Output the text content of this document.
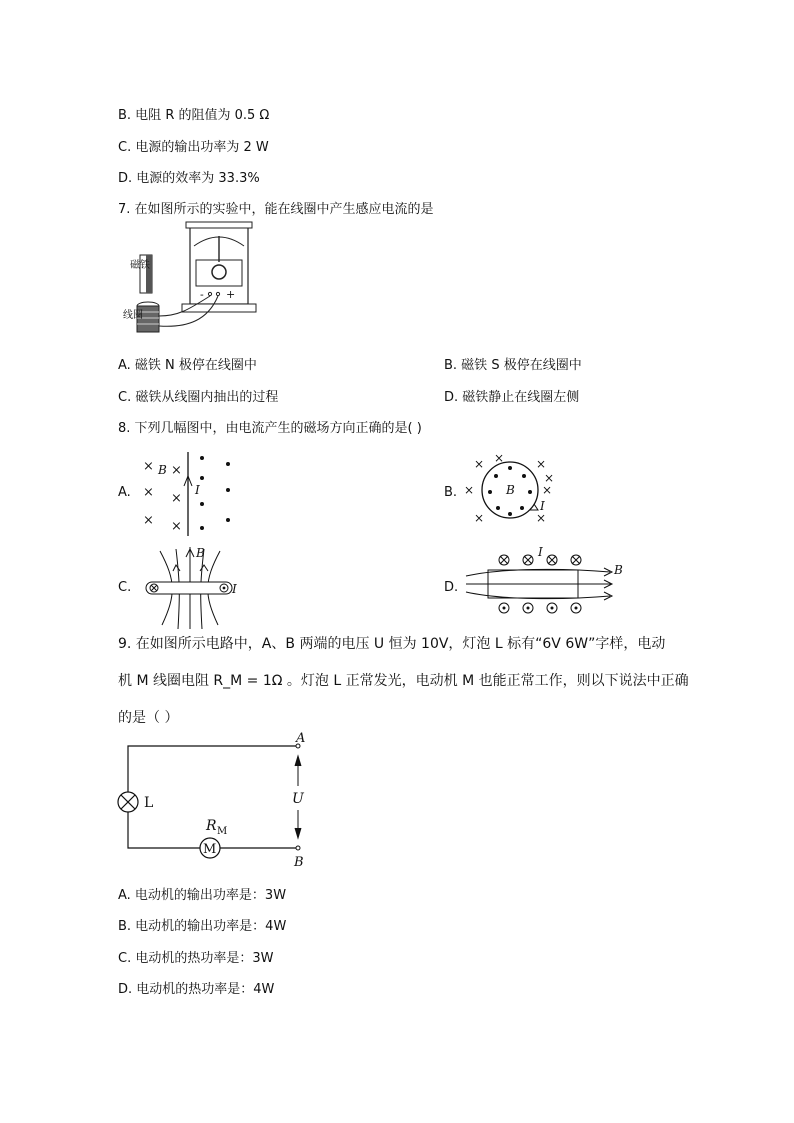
B. 电阻 R 的阻值为 0.5 Ω
C. 电源的输出功率为 2 W
D. 电源的效率为 33.3%
7. 在如图所示的实验中，能在线圈中产生感应电流的是
磁铁
线圈
- +
A. 磁铁 N 极停在线圈中	B. 磁铁 S 极停在线圈中
C. 磁铁从线圈内抽出的过程	D. 磁铁静止在线圈左侧
8. 下列几幅图中，由电流产生的磁场方向正确的是( )
A.
×
×
×
×
×
×
B
I	B.
×	×
×	×
×	×
×
×
B
I
C.
B
I	D.
I
B
9. 在如图所示电路中，A、B 两端的电压 U 恒为 10V，灯泡 L 标有“6V 6W”字样，电动
机 M 线圈电阻 R_M = 1Ω 。灯泡 L 正常发光，电动机 M 也能正常工作，则以下说法中正确
的是（ ）
A
B
L
M
R M
U
A. 电动机的输出功率是：3W
B. 电动机的输出功率是：4W
C. 电动机的热功率是：3W
D. 电动机的热功率是：4W
